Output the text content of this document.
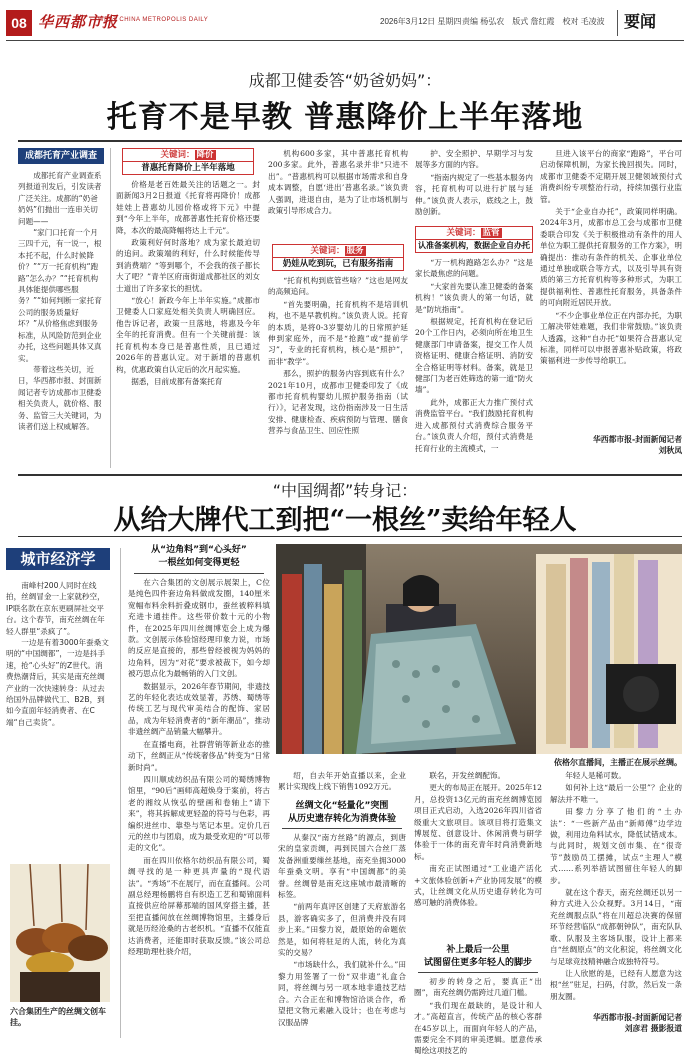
08 华西都市报
WEST CHINA METROPOLIS DAILY	2026年3月12日 星期四 责编 杨弘农　版式 詹红霞　校对 毛凌波 要闻
成都卫健委答“奶爸奶妈”：
托育不是早教 普惠降价上半年落地
成都托育产业调查

成都托育产业调查系列报道刊发后，引发读者广泛关注。成都的“奶爸奶妈”们抛出一连串关切问题——

“家门口托育一个月三四千元，有一说一，根本托不起，什么时候降价？”“万一托育机构“跑路”怎么办？”“托育机构具体能提供哪些服务？”“如何判断一家托育公司的服务质量好坏？”从价格焦虑到服务标准，从风险防范到企业办托，这些问题具体又真实。

带着这些关切，近日，华西都市报、封面新闻记者专访成都市卫健委相关负责人，就价格、服务、监管三大关键词，为读者们送上权威解答。

关键词： 降价
普惠托育降价上半年落地

价格是老百姓最关注的话题之一。封面新闻3月2日报道《托育将再降价！成都娃娃上普惠幼儿园价格或将下元》中提到“今年上半年，成都普惠性托育价格还要降，本次的最高降幅将达上千元”。

政策利好何时落地？成为家长最迫切的追问。政策端的利好，什么时候能传导到消费端？“等到哪个，不会我的孩子都长大了吧？”青羊区府南街道成都社区的刘女士道出了许多家长的担忧。

“放心！新政今年上半年实施。”成都市卫健委人口家庭处相关负责人明确回应。他告诉记者，政策一旦落地，将惠及今年全年的托育消费。但有一个关键前提：该托育机构本身已是普惠性质，且已通过2026年的普惠认定。对于新增的普惠机构，优惠政策自认定后的次月起实施。

据悉，目前成都有备案托育

机构600多家，其中普惠托育机构200多家。此外，普惠名录并非“只进不出”。“普惠机构可以根据市场需求和自身成本调整，自愿‘进出’普惠名录。”该负责人强调，进退自由，是为了让市场机制与政策引导形成合力。

关键词： 服务
奶娃从吃到玩，已有服务指南

“托育机构到底管些啥？”这也是网友的高频追问。

“首先要明确，托育机构不是培训机构，也不是早教机构。”该负责人说。托育的本质，是将0-3岁婴幼儿的日常照护延伸到家庭外，而不是“抢跑”或“提前学习”，专业的托育机构，核心是“照护”，而非“教学”。

那么，照护的服务内容到底有什么？2021年10月，成都市卫健委印发了《成都市托育机构婴幼儿照护服务指南（试行）》，记者发现，这份指南涉及一日生活安排、健康检查、疾病预防与管理、膳食营养与食品卫生、回应性照

护、安全照护、早期学习与发展等多方面的内容。

“指南内规定了一些基本服务内容，托育机构可以进行扩展与延伸。”该负责人表示，底线之上，鼓励创新。

关键词： 监管
认准备案机构，数据企业自办托

“万一机构跑路怎么办？”这是家长最焦虑的问题。

“大家首先要认准卫健委的备案机构！”该负责人的第一句话，就是“防坑指南”。

根据规定，托育机构在登记后20个工作日内，必须向所在地卫生健康部门申请备案，提交工作人员资格证明、健康合格证明、消防安全合格证明等材料。备案，就是卫健部门为老百姓筛选的第一道“防火墙”。

此外，成都正大力推广预付式消费监管平台。“我们鼓励托育机构进入成都预付式消费综合服务平台。”该负责人介绍，预付式消费是托育行业的主流模式，一

旦进入该平台的商家“跑路”，平台可启动保障机制，为家长挽回损失。同时，成都市卫健委不定期开展卫健领域预付式消费纠纷专项整治行动，持续加强行业监管。

关于“企业自办托”，政策同样明确。2024年3月，成都市总工会与成都市卫健委联合印发《关于积极推动有条件的用人单位为职工提供托育服务的工作方案》，明确提出：推动有条件的机关、企事业单位通过单独或联合等方式，以及引导具有资质的第三方托育机构等多种形式，为职工提供福利性、普惠性托育服务，具备条件的可向附近居民开放。

“不少企事业单位正在内部办托，为职工解决带娃难题，我们非常鼓励。”该负责人透露，这种“自办托”如果符合普惠认定标准，同样可以申报普惠补贴政策，将政策福利进一步传导给职工。

华西都市报-封面新闻记者
刘秋凤
“中国绸都”转身记：
从给大牌代工到把“一根丝”卖给年轻人
城市经济学

南峰村200人同时在线拍，丝绸冒金一上家就秒空，IP联名款在京东更刷屏社交平台。这个春节，南充丝绸在年轻人群里“杀疯了”。

一边是有着3000年蚕桑文明的“中国绸都”，一边是抖手速，抢“心头好”的Z世代。消费热潮背后，其实是南充丝绸产业的一次快速转身：从过去给国外品牌做代工、B2B，到如今直面年轻消费者、在C端“自己卖货”。

六合集团生产的丝绸文创车挂。
从“边角料”到“心头好”
一根丝如何变得更轻

在六合集团的文创展示展架上，C位是纯色四件套边角料做成发圈，140厘米宽幅布料余料折叠成钢巾，蚕丝被粹料填充进卡通挂件。这些带价数十元的小物件，在2025年四川丝绸博览会上成为爆款。文创展示体验馆经理印象力说，市场的反应是直接的，那些曾经被视为妈妈的边角料，因为“对花”要求被裁下，如今却被巧思点化为最畅销的入门文创。

数据显示，2026年春节期间，非遗技艺的年轻化表达成效显著，苏绣、蜀绣等传统工艺与现代审美结合的配饰、家居品，成为年轻消费者的“新年潮品”，推动非遗丝绸产品销量大幅攀升。

在直播电商，社群营销等新业态的推动下，丝绸正从“传统奢侈品”转变为“日常新时尚”。

四川顺成纺织品有限公司的蜀绣博物馆里，“90后”画师高超焕身于案前，将古老的湘纹从恢弘的壁画和卷轴上“请下来”，将其拆解成更轻盈的符号与色彩，再编织进丝巾、靠垫与笔记本里。定价几百元的丝巾与团扇，成为最受欢迎的“可以带走的文化”。

而在四川依格尔纺织品有限公司，蜀绸寻找的是一种更具声量的“现代语法”。“秀场”不在展厅，而在直播间。公司副总经理杨鹏将自有织造工艺和蜀锦面料直接供应给屏幕那端的国风穿搭主播，甚至把直播间放在丝绸博物馆里，主播身后就是历经沧桑的古老织机。“直播不仅能直达消费者，还能即时获取反馈。”该公司总经理助理杜骁介绍，

依格尔直播间，主播正在展示丝绸。

绍，自去年开始直播以来，企业累计实现线上线下销售1092万元。

丝绸文化“轻量化”突围
从历史遗存转化为消费体验

从秦汉“南方丝路”的源点，到唐宋的皇家贡绸，再到民国六合丝厂蒸发备洲重要缫丝基地，南充坐拥3000年蚕桑文明。享有“中国绸都”的美誉。丝绸曾是南充这座城市最清晰的标签。

“前两年真评区创建了天府旅游名县，游客确实多了，但消费并没有同步上来。”田黎力说，最原始的命题依然是，如何将驻足的人流，转化为真实的交易？

“市场缺什么，我们就补什么。”田黎力用签署了一份“双非遗”礼盒合同，将丝绸与另一项本地非遗技艺结合。六合正在和博物馆洽谈合作，希望把文物元素融入设计；也在考虑与汉服品牌

联名，开发丝绸配饰。

更大的布局正在展开。2025年12月，总投资13亿元的南充丝绸博览园项目正式启动，入选2026年四川省省级重大文旅项目。该项目将打造集文博展览、创意设计、休闲消费与研学体验于一体的南充青年时尚消费新地标。

南充正试图通过“工业遗产活化+文旅体验创新+产业协同发展”的模式，让丝绸文化从历史遗存转化为可感可触的消费体验。

补上最后一公里
试图留住更多年轻人的脚步

初步的转身之后，要真正“出圈”，南充丝绸仍需跨过几道门槛。

“我们现在最缺的，是设计和人才。”高超直言，传统产品的核心客群在45岁以上，而面向年轻人的产品，需要完全不同的审美逻辑。愿意传承蜀绘这项技艺的

年轻人是稀可数。

如何补上这“最后一公里”？企业的解法并不唯一。

田黎力分享了他们的“土办法”：“一些新产品由“新师傅”边学边做，利用边角料试水，降低试错成本。与此同时，规划文创市集、在“很奇节”鼓励员工摆摊，试点“主理人”模式……系列举措试图留住年轻人的脚步。

就在这个春天，南充丝绸还以另一种方式进入公众视野。3月14日，“南充丝绸服点队”将在川超总决赛的保留环节经营临队“成都朝钟队”，南充队队歌、队服及主客场队服，设计上都来自“丝绸原点”的文化积淀，将丝绸文化与足球竞技精神融合成独特符号。

让人欣慰的是，已经有人愿意为这根“丝”驻足，扫码，付款，然后发一条朋友圈。

华西都市报-封面新闻记者
刘彦君 摄影报道
